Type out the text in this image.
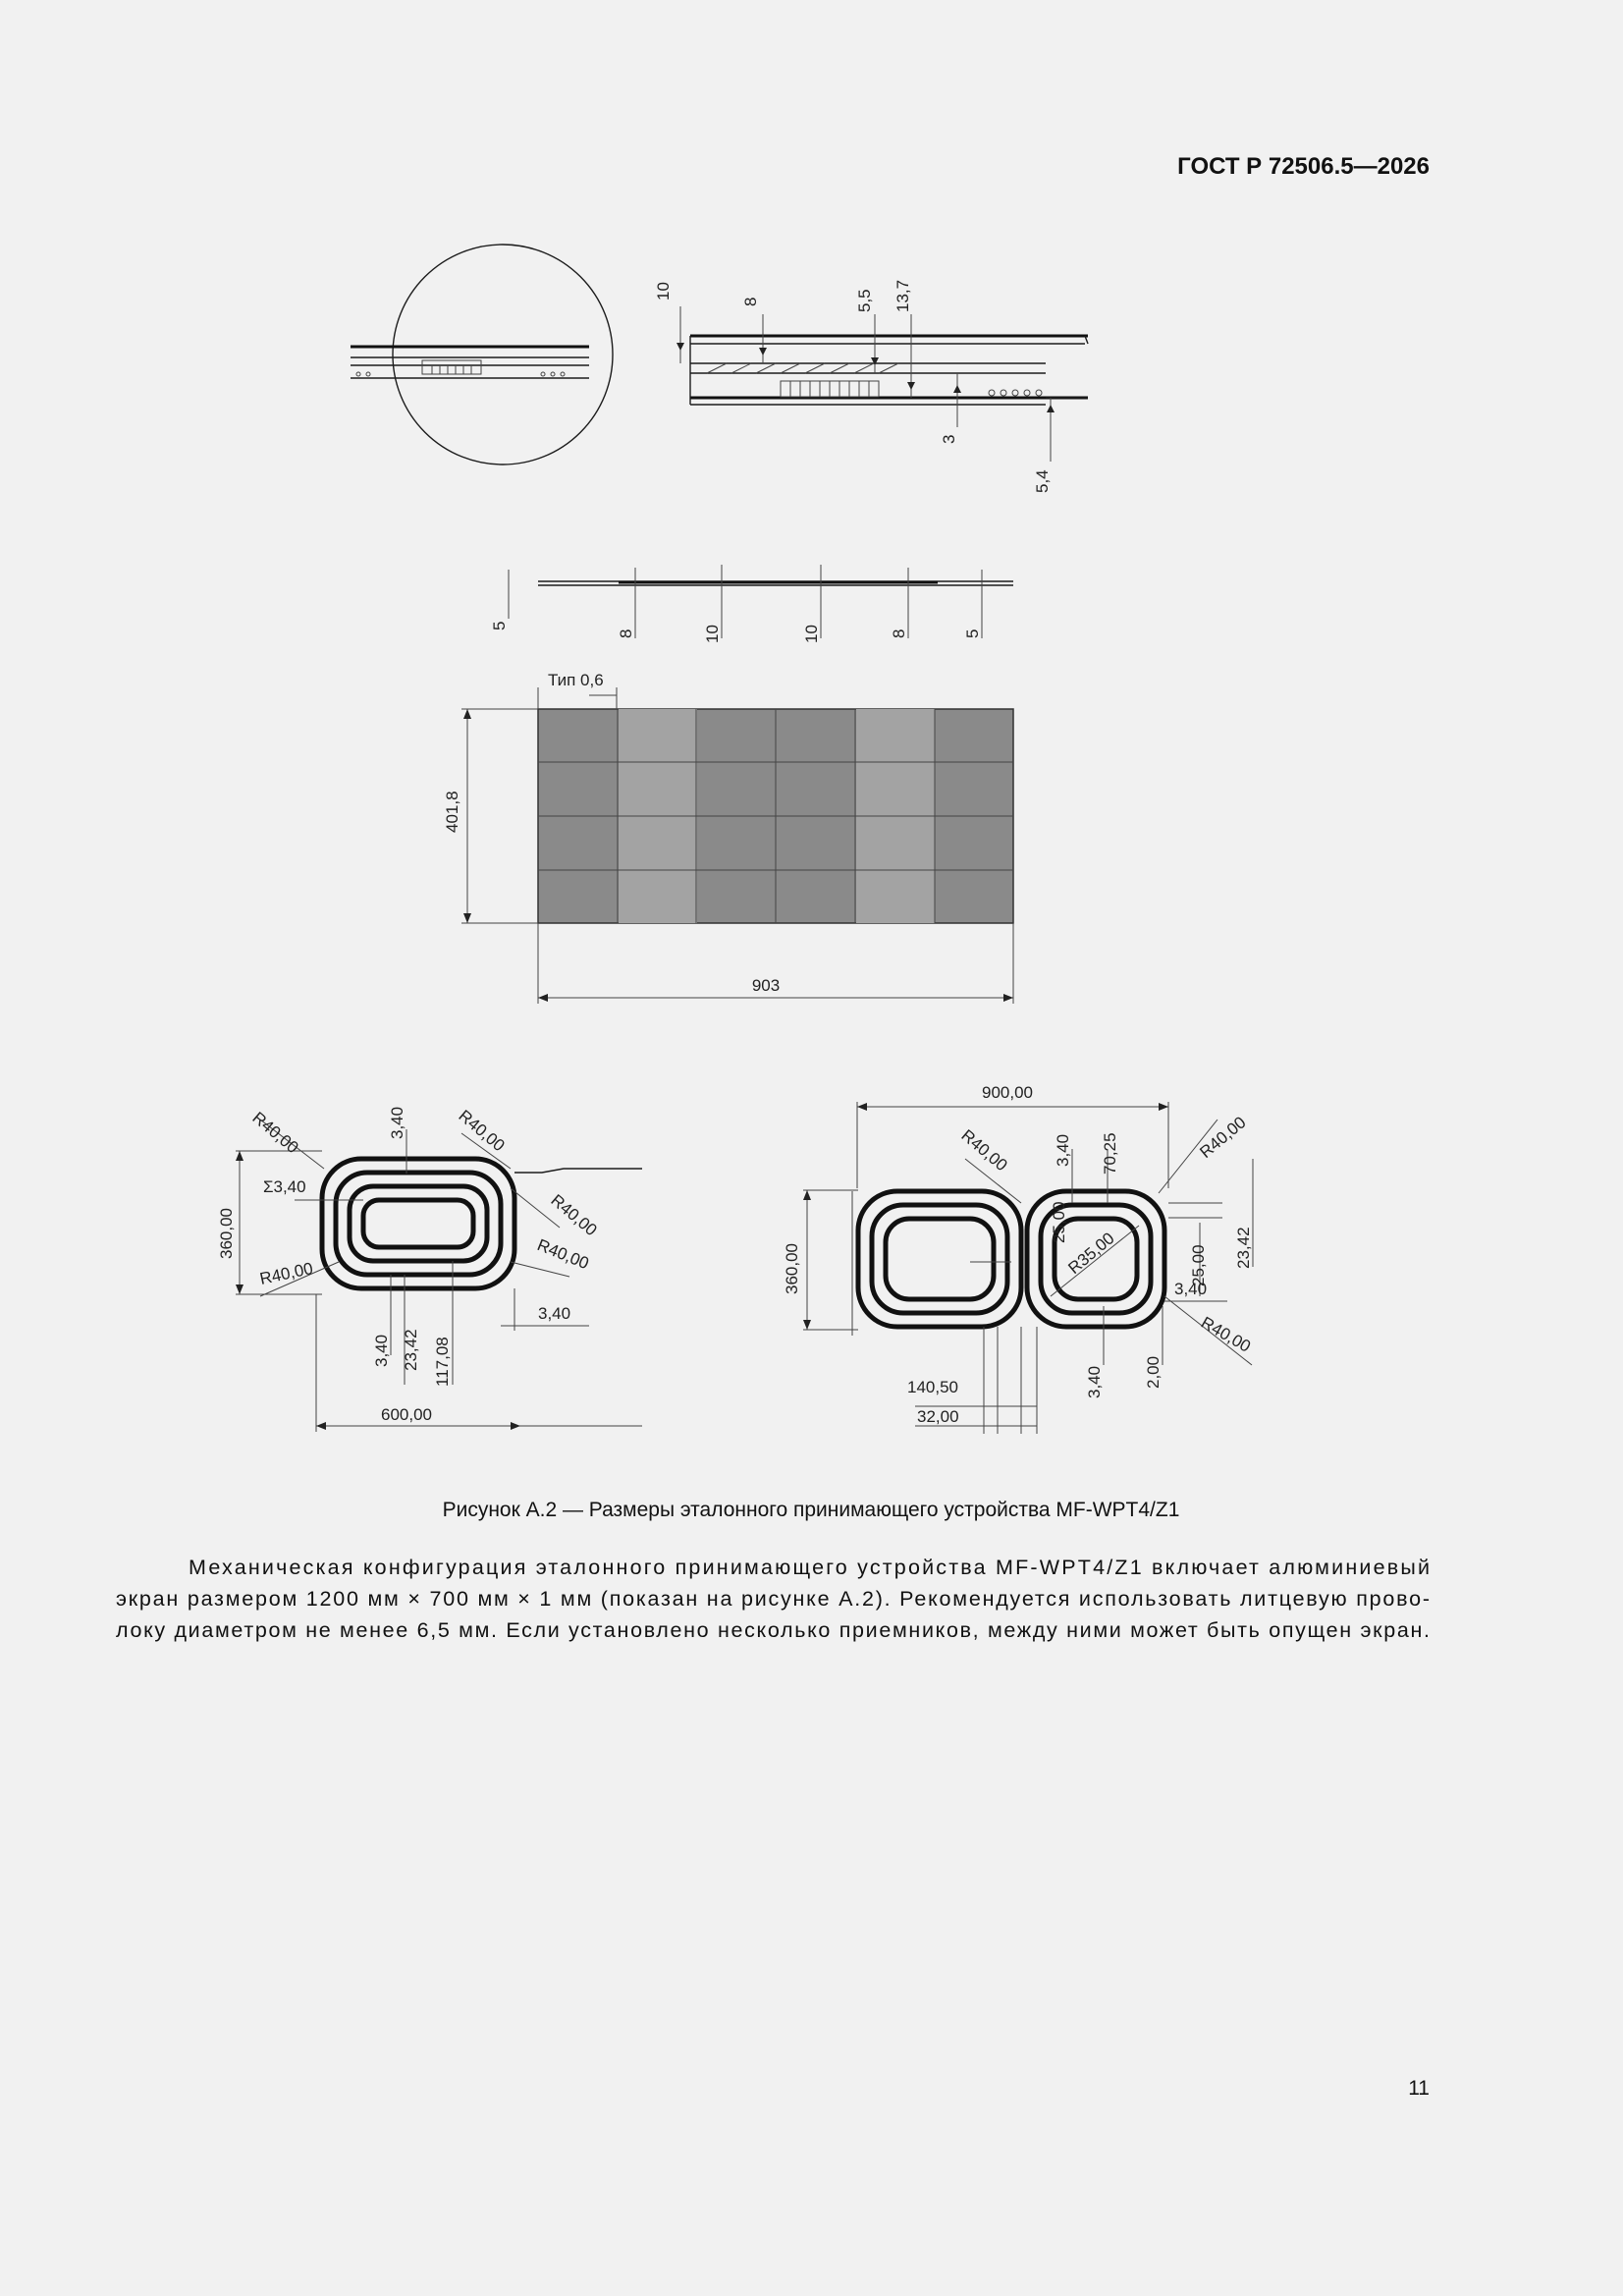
ГОСТ Р 72506.5—2026
10
8	5,5 13,7
3
5,4
5
8	10	10	8	5
Тип 0,6
401,8
903
R40,00	3,40	R40,00
Σ3,40
360,00	R40,00
R40,00
R40,00
3,40
3,40 23,42 117,08
600,00
900,00
R40,00	3,40 70,25	R40,00
360,00
25,00
R35,00	25,00 23,42
3,40
R40,00
140,50
32,00
3,40 2,00
Рисунок А.2 — Размеры эталонного принимающего устройства MF-WPT4/Z1
Механическая конфигурация эталонного принимающего устройства MF-WPT4/Z1 включает алюминиевый
экран размером 1200 мм × 700 мм × 1 мм (показан на рисунке А.2). Рекомендуется использовать литцевую прово-
локу диаметром не менее 6,5 мм. Если установлено несколько приемников, между ними может быть опущен экран.
11
